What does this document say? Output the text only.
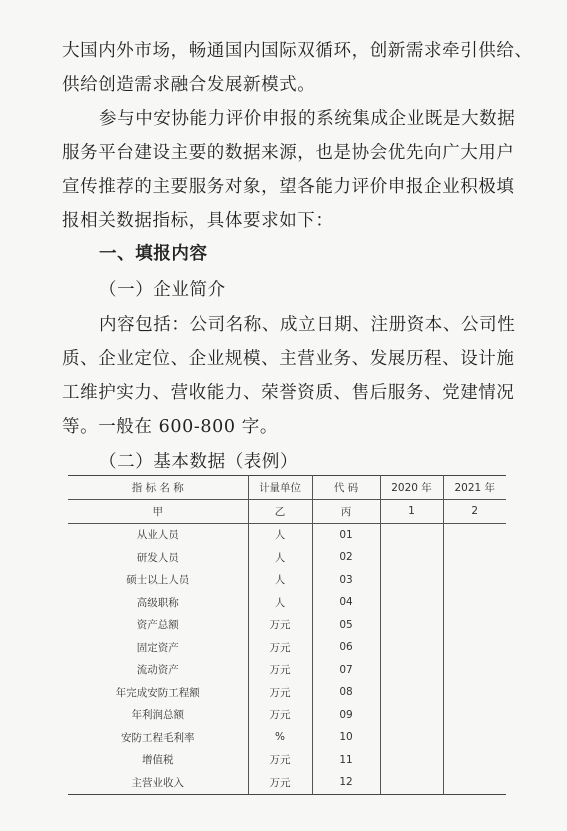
大国内外市场，畅通国内国际双循环，创新需求牵引供给、
供给创造需求融合发展新模式。
参与中安协能力评价申报的系统集成企业既是大数据
服务平台建设主要的数据来源，也是协会优先向广大用户
宣传推荐的主要服务对象，望各能力评价申报企业积极填
报相关数据指标，具体要求如下：
一、填报内容
（一）企业简介
内容包括：公司名称、成立日期、注册资本、公司性
质、企业定位、企业规模、主营业务、发展历程、设计施
工维护实力、营收能力、荣誉资质、售后服务、党建情况
等。一般在 600-800 字。
（二）基本数据（表例）
指 标 名 称	计量单位	代 码	2020 年	2021 年
甲	乙	丙	1	2
从业人员	人	01		
研发人员	人	02		
硕士以上人员	人	03		
高级职称	人	04		
资产总额	万元	05		
固定资产	万元	06		
流动资产	万元	07		
年完成安防工程额	万元	08		
年利润总额	万元	09		
安防工程毛利率	%	10		
增值税	万元	11		
主营业收入	万元	12		
